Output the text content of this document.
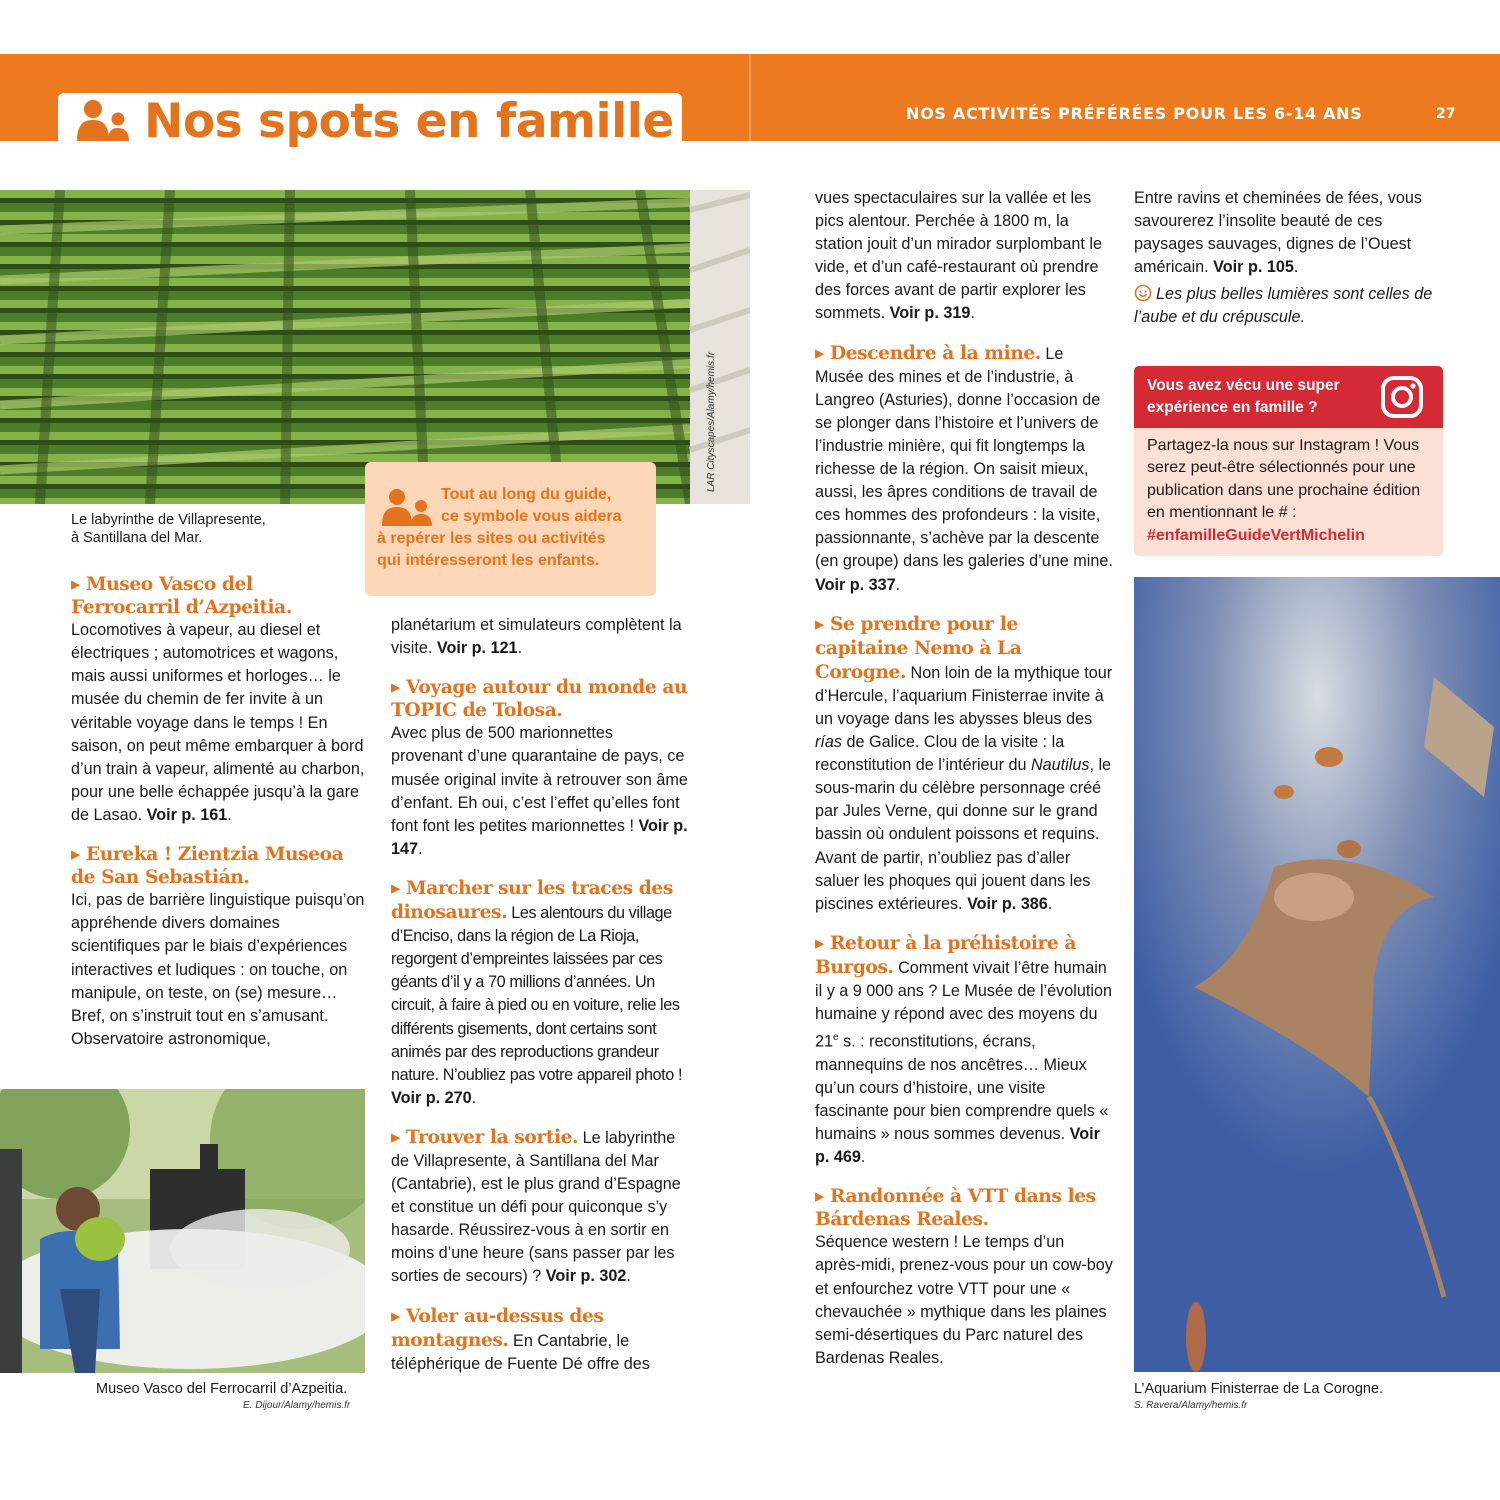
Nos spots en famille	NOS ACTIVITÉS PRÉFÉRÉES POUR LES 6-14 ANS	27
LAR Cityscapes/Alamy/hemis.fr
Le labyrinthe de Villapresente,
à Santillana del Mar.
Tout au long du guide,
ce symbole vous aidera
à repérer les sites ou activités
qui intéresseront les enfants.
▸ Museo Vasco del Ferrocarril d’Azpeitia.
Locomotives à vapeur, au diesel et électriques ; automotrices et wagons, mais aussi uniformes et horloges… le musée du chemin de fer invite à un véritable voyage dans le temps ! En saison, on peut même embarquer à bord d’un train à vapeur, alimenté au charbon, pour une belle échappée jusqu’à la gare de Lasao. Voir p. 161.
▸ Eureka ! Zientzia Museoa de San Sebastián.
Ici, pas de barrière linguistique puisqu’on appréhende divers domaines scientifiques par le biais d’expériences interactives et ludiques : on touche, on manipule, on teste, on (se) mesure… Bref, on s’instruit tout en s’amusant. Observatoire astronomique,
Museo Vasco del Ferrocarril d’Azpeitia.
E. Dijour/Alamy/hemis.fr
planétarium et simulateurs complètent la visite. Voir p. 121.
▸ Voyage autour du monde au TOPIC de Tolosa.
Avec plus de 500 marionnettes provenant d’une quarantaine de pays, ce musée original invite à retrouver son âme d’enfant. Eh oui, c’est l’effet qu’elles font font font les petites marionnettes ! Voir p. 147.
▸ Marcher sur les traces des dinosaures. Les alentours du village d’Enciso, dans la région de La Rioja, regorgent d’empreintes laissées par ces géants d’il y a 70 millions d’années. Un circuit, à faire à pied ou en voiture, relie les différents gisements, dont certains sont animés par des reproductions grandeur nature. N’oubliez pas votre appareil photo ! Voir p. 270.
▸ Trouver la sortie. Le labyrinthe de Villapresente, à Santillana del Mar (Cantabrie), est le plus grand d’Espagne et constitue un défi pour quiconque s’y hasarde. Réussirez-vous à en sortir en moins d’une heure (sans passer par les sorties de secours) ? Voir p. 302.
▸ Voler au-dessus des montagnes. En Cantabrie, le téléphérique de Fuente Dé offre des
vues spectaculaires sur la vallée et les pics alentour. Perchée à 1800 m, la station jouit d’un mirador surplombant le vide, et d’un café-restaurant où prendre des forces avant de partir explorer les sommets. Voir p. 319.
▸ Descendre à la mine. Le Musée des mines et de l’industrie, à Langreo (Asturies), donne l’occasion de se plonger dans l’histoire et l’univers de l’industrie minière, qui fit longtemps la richesse de la région. On saisit mieux, aussi, les âpres conditions de travail de ces hommes des profondeurs : la visite, passionnante, s’achève par la descente (en groupe) dans les galeries d’une mine. Voir p. 337.
▸ Se prendre pour le capitaine Nemo à La Corogne. Non loin de la mythique tour d’Hercule, l’aquarium Finisterrae invite à un voyage dans les abysses bleus des rías de Galice. Clou de la visite : la reconstitution de l’intérieur du Nautilus, le sous-marin du célèbre personnage créé par Jules Verne, qui donne sur le grand bassin où ondulent poissons et requins. Avant de partir, n’oubliez pas d’aller saluer les phoques qui jouent dans les piscines extérieures. Voir p. 386.
▸ Retour à la préhistoire à Burgos. Comment vivait l’être humain il y a 9 000 ans ? Le Musée de l’évolution humaine y répond avec des moyens du 21e s. : reconstitutions, écrans, mannequins de nos ancêtres… Mieux qu’un cours d’histoire, une visite fascinante pour bien comprendre quels « humains » nous sommes devenus. Voir p. 469.
▸ Randonnée à VTT dans les Bárdenas Reales.
Séquence western ! Le temps d’un après-midi, prenez-vous pour un cow-boy et enfourchez votre VTT pour une « chevauchée » mythique dans les plaines semi-désertiques du Parc naturel des Bardenas Reales.
Entre ravins et cheminées de fées, vous savourerez l’insolite beauté de ces paysages sauvages, dignes de l’Ouest américain. Voir p. 105.
Les plus belles lumières sont celles de l’aube et du crépuscule.
Vous avez vécu une super expérience en famille ?
Partagez-la nous sur Instagram ! Vous serez peut-être sélectionnés pour une publication dans une prochaine édition en mentionnant le # : #enfamilleGuideVertMichelin
L’Aquarium Finisterrae de La Corogne.
S. Ravera/Alamy/hemis.fr
